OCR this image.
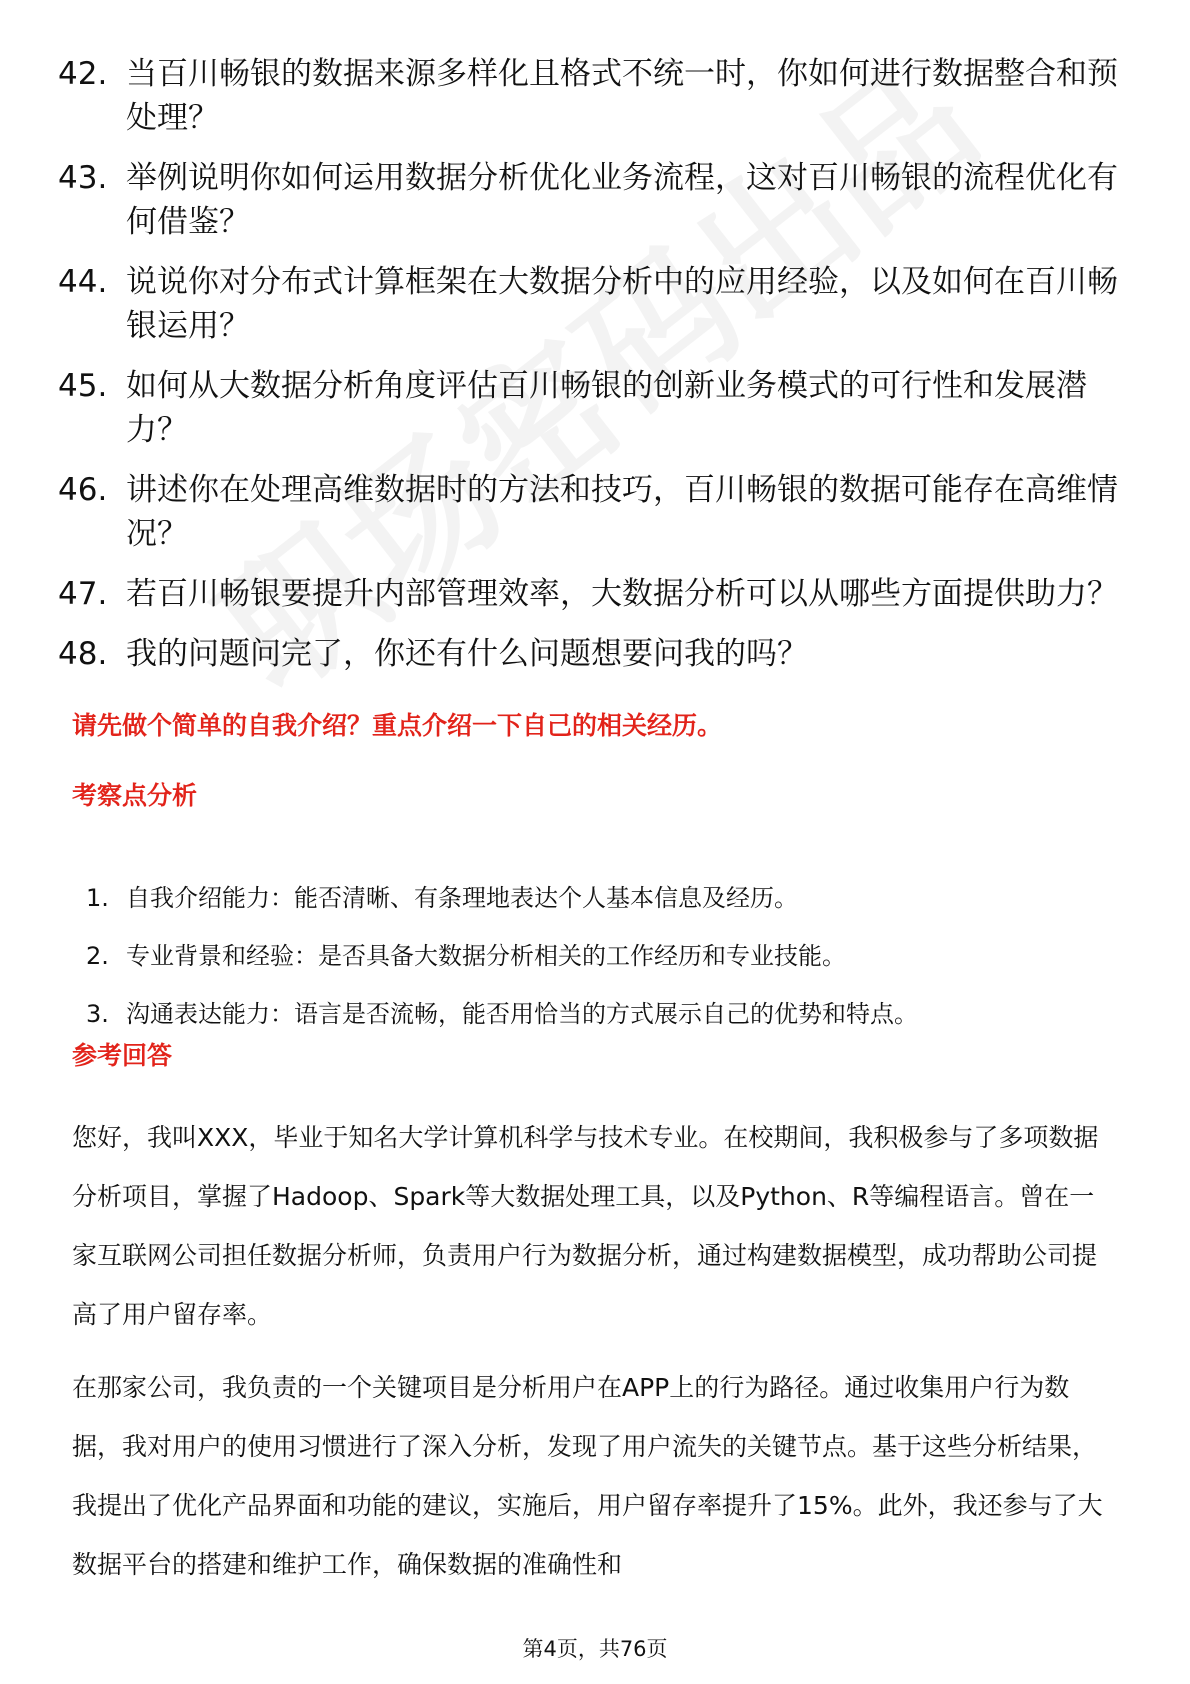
42. 当百川畅银的数据来源多样化且格式不统一时，你如何进行数据整合和预处理？
43. 举例说明你如何运用数据分析优化业务流程，这对百川畅银的流程优化有何借鉴？
44. 说说你对分布式计算框架在大数据分析中的应用经验，以及如何在百川畅银运用？
45. 如何从大数据分析角度评估百川畅银的创新业务模式的可行性和发展潜力？
46. 讲述你在处理高维数据时的方法和技巧，百川畅银的数据可能存在高维情况？
47. 若百川畅银要提升内部管理效率，大数据分析可以从哪些方面提供助力？
48. 我的问题问完了，你还有什么问题想要问我的吗？
请先做个简单的自我介绍？重点介绍一下自己的相关经历。
考察点分析
1. 自我介绍能力：能否清晰、有条理地表达个人基本信息及经历。
2. 专业背景和经验：是否具备大数据分析相关的工作经历和专业技能。
3. 沟通表达能力：语言是否流畅，能否用恰当的方式展示自己的优势和特点。
参考回答
您好，我叫XXX，毕业于知名大学计算机科学与技术专业。在校期间，我积极参与了多项数据分析项目，掌握了Hadoop、Spark等大数据处理工具，以及Python、R等编程语言。曾在一家互联网公司担任数据分析师，负责用户行为数据分析，通过构建数据模型，成功帮助公司提高了用户留存率。
在那家公司，我负责的一个关键项目是分析用户在APP上的行为路径。通过收集用户行为数据，我对用户的使用习惯进行了深入分析，发现了用户流失的关键节点。基于这些分析结果，我提出了优化产品界面和功能的建议，实施后，用户留存率提升了15%。此外，我还参与了大数据平台的搭建和维护工作，确保数据的准确性和
第4页，共76页
